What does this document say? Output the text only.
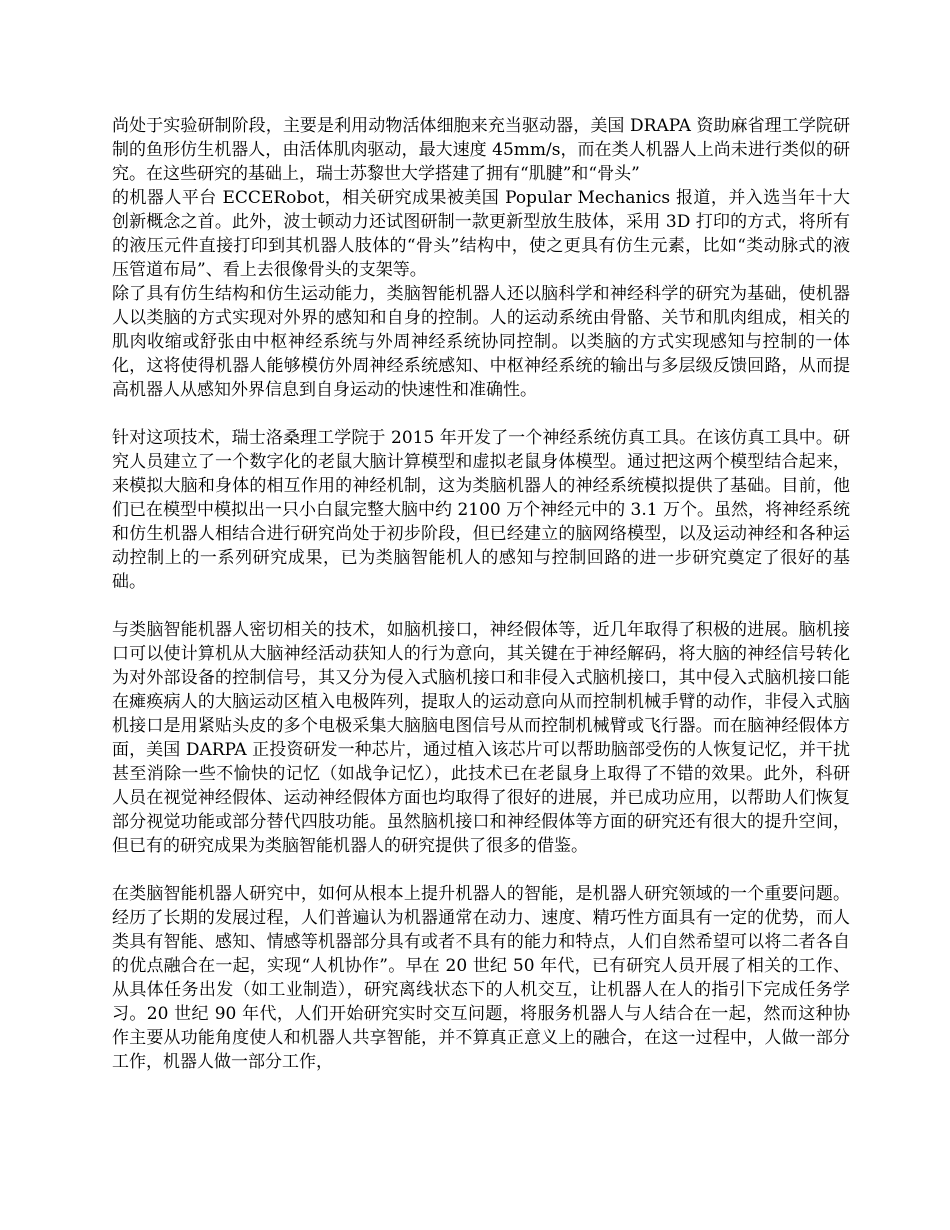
尚处于实验研制阶段，主要是利用动物活体细胞来充当驱动器，美国 DRAPA 资助麻省理工学院研制的鱼形仿生机器人，由活体肌肉驱动，最大速度 45mm/s，而在类人机器人上尚未进行类似的研究。在这些研究的基础上，瑞士苏黎世大学搭建了拥有“肌腱”和“骨头”

的机器人平台 ECCERobot，相关研究成果被美国 Popular Mechanics 报道，并入选当年十大创新概念之首。此外，波士顿动力还试图研制一款更新型放生肢体，采用 3D 打印的方式，将所有的液压元件直接打印到其机器人肢体的“骨头”结构中，使之更具有仿生元素，比如“类动脉式的液压管道布局”、看上去很像骨头的支架等。

除了具有仿生结构和仿生运动能力，类脑智能机器人还以脑科学和神经科学的研究为基础，使机器人以类脑的方式实现对外界的感知和自身的控制。人的运动系统由骨骼、关节和肌肉组成，相关的肌肉收缩或舒张由中枢神经系统与外周神经系统协同控制。以类脑的方式实现感知与控制的一体化，这将使得机器人能够模仿外周神经系统感知、中枢神经系统的输出与多层级反馈回路，从而提高机器人从感知外界信息到自身运动的快速性和准确性。

针对这项技术，瑞士洛桑理工学院于 2015 年开发了一个神经系统仿真工具。在该仿真工具中。研究人员建立了一个数字化的老鼠大脑计算模型和虚拟老鼠身体模型。通过把这两个模型结合起来，来模拟大脑和身体的相互作用的神经机制，这为类脑机器人的神经系统模拟提供了基础。目前，他们已在模型中模拟出一只小白鼠完整大脑中约 2100 万个神经元中的 3.1 万个。虽然，将神经系统和仿生机器人相结合进行研究尚处于初步阶段，但已经建立的脑网络模型，以及运动神经和各种运动控制上的一系列研究成果，已为类脑智能机人的感知与控制回路的进一步研究奠定了很好的基础。

与类脑智能机器人密切相关的技术，如脑机接口，神经假体等，近几年取得了积极的进展。脑机接口可以使计算机从大脑神经活动获知人的行为意向，其关键在于神经解码，将大脑的神经信号转化为对外部设备的控制信号，其又分为侵入式脑机接口和非侵入式脑机接口，其中侵入式脑机接口能在瘫痪病人的大脑运动区植入电极阵列，提取人的运动意向从而控制机械手臂的动作，非侵入式脑机接口是用紧贴头皮的多个电极采集大脑脑电图信号从而控制机械臂或飞行器。而在脑神经假体方面，美国 DARPA 正投资研发一种芯片，通过植入该芯片可以帮助脑部受伤的人恢复记忆，并干扰甚至消除一些不愉快的记忆（如战争记忆），此技术已在老鼠身上取得了不错的效果。此外，科研人员在视觉神经假体、运动神经假体方面也均取得了很好的进展，并已成功应用，以帮助人们恢复部分视觉功能或部分替代四肢功能。虽然脑机接口和神经假体等方面的研究还有很大的提升空间，但已有的研究成果为类脑智能机器人的研究提供了很多的借鉴。

在类脑智能机器人研究中，如何从根本上提升机器人的智能，是机器人研究领域的一个重要问题。经历了长期的发展过程，人们普遍认为机器通常在动力、速度、精巧性方面具有一定的优势，而人类具有智能、感知、情感等机器部分具有或者不具有的能力和特点，人们自然希望可以将二者各自的优点融合在一起，实现“人机协作”。早在 20 世纪 50 年代，已有研究人员开展了相关的工作、从具体任务出发（如工业制造），研究离线状态下的人机交互，让机器人在人的指引下完成任务学习。20 世纪 90 年代，人们开始研究实时交互问题，将服务机器人与人结合在一起，然而这种协作主要从功能角度使人和机器人共享智能，并不算真正意义上的融合，在这一过程中，人做一部分工作，机器人做一部分工作，
